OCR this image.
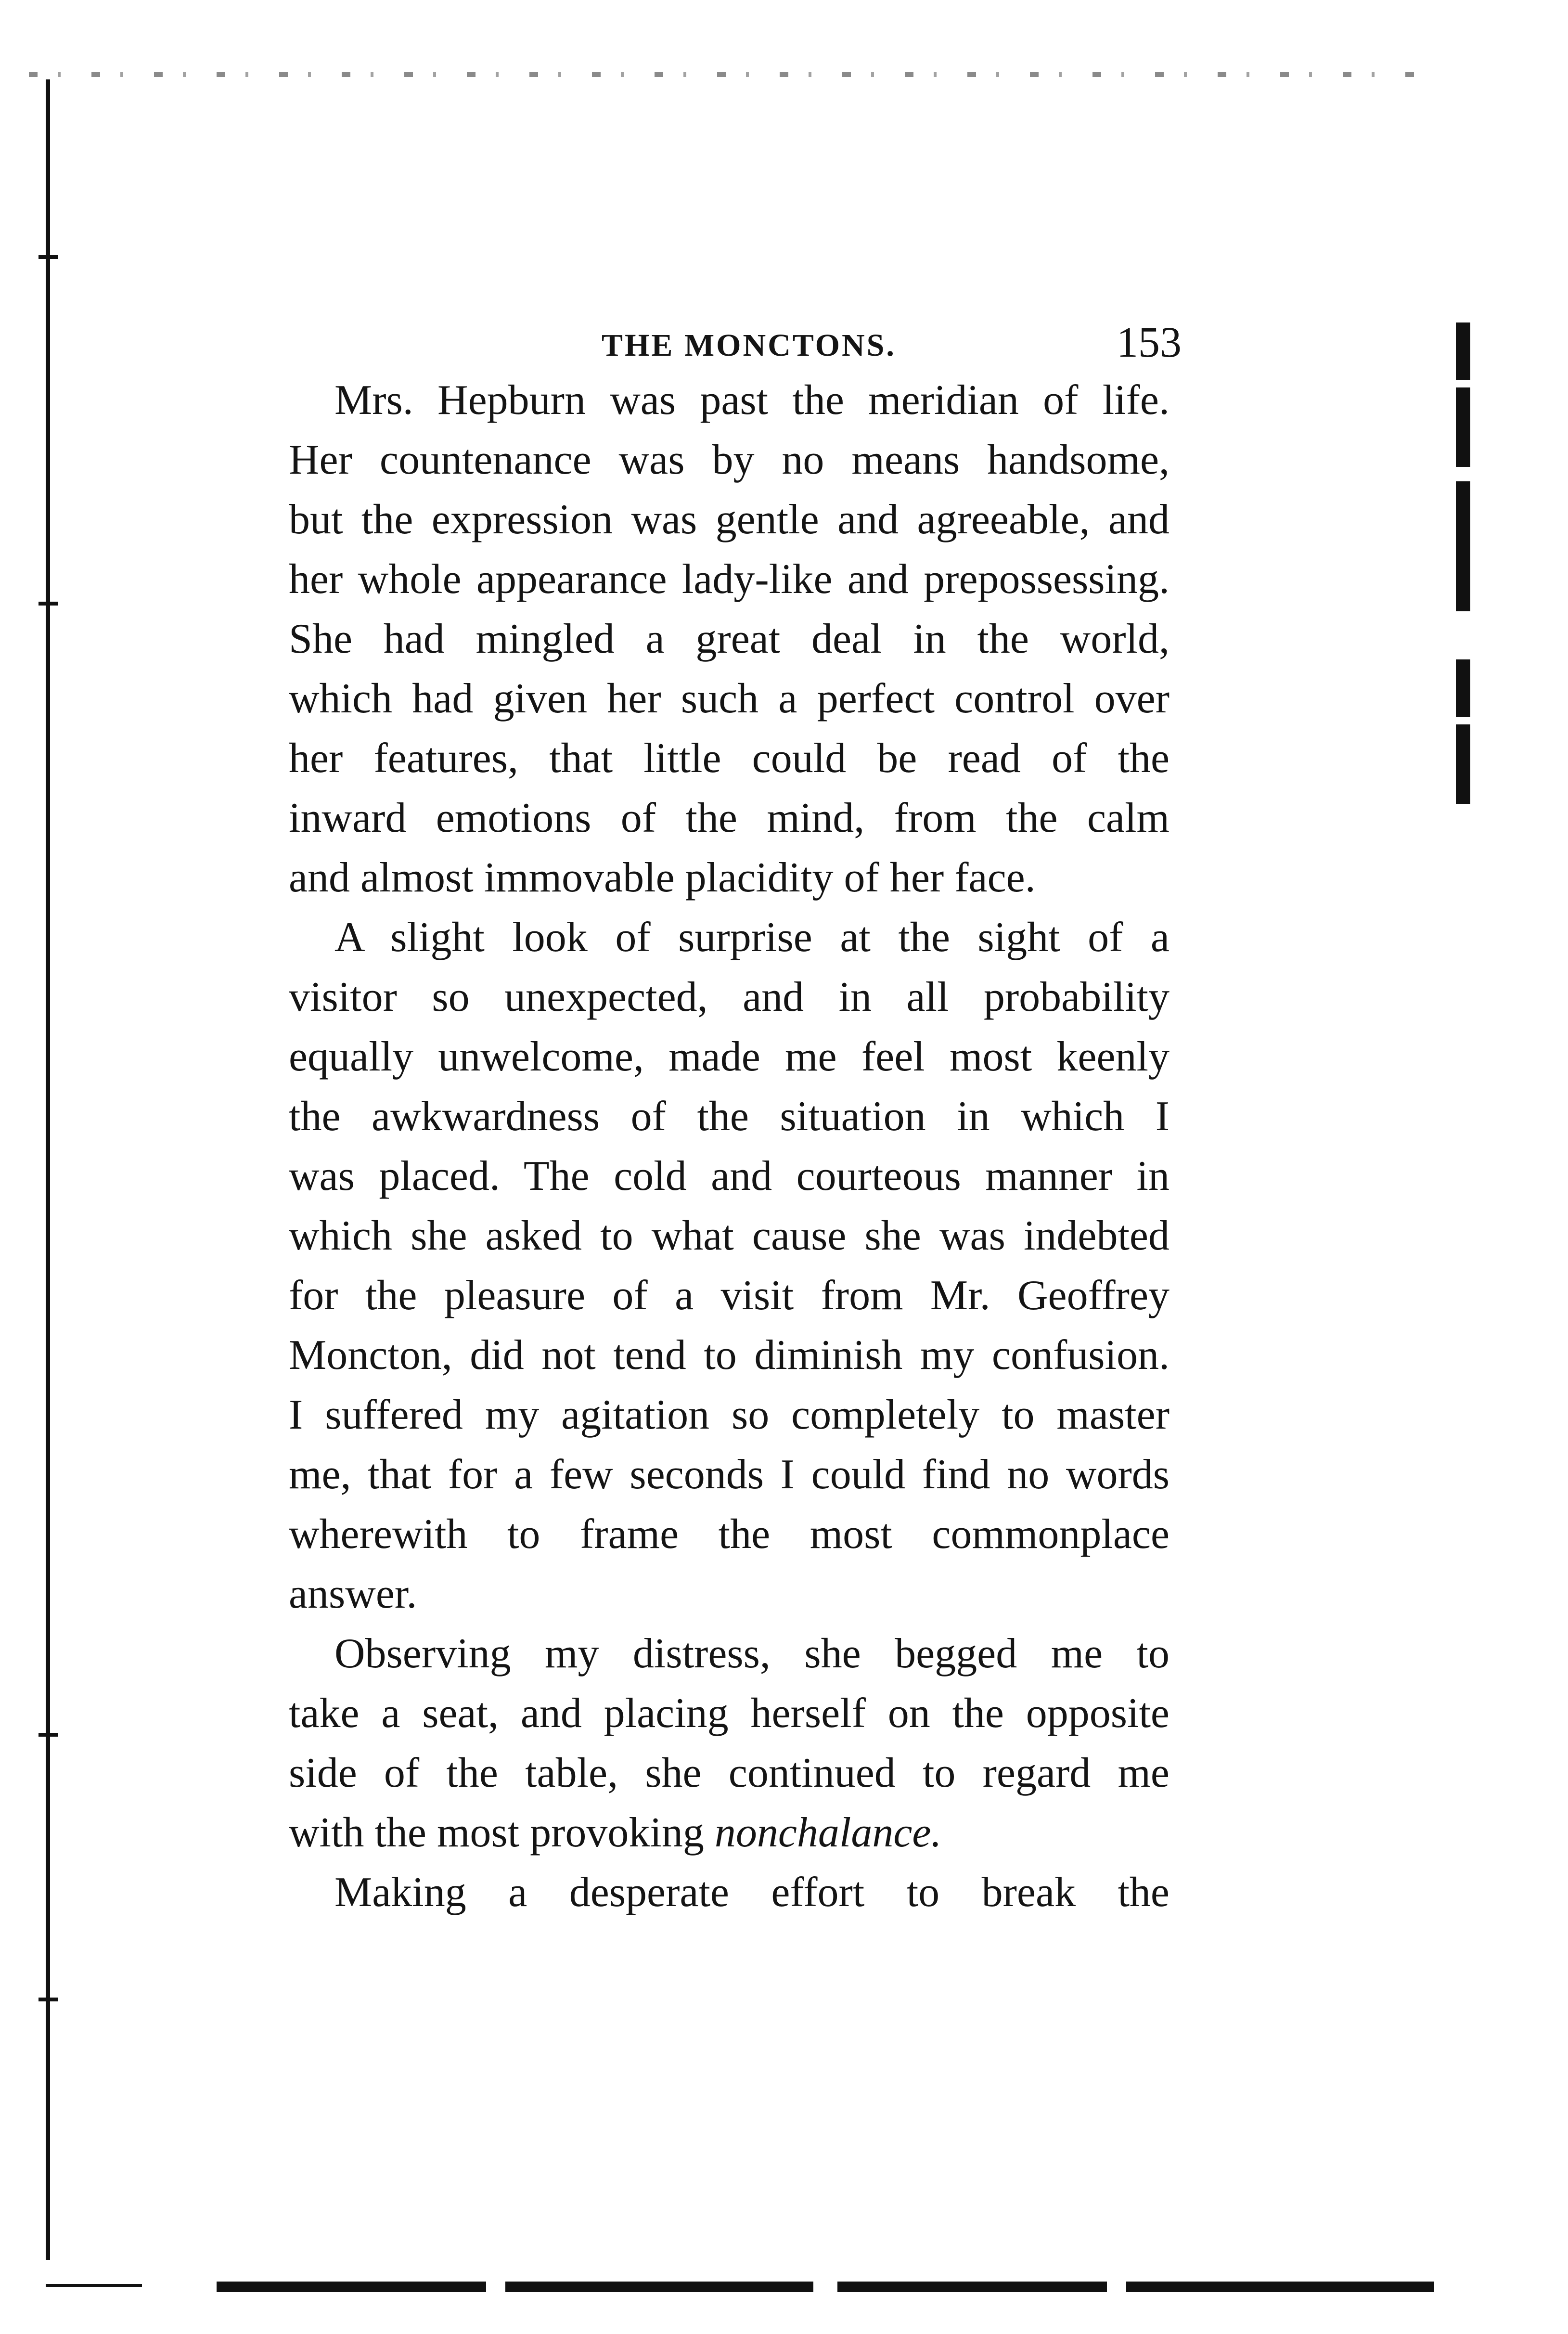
THE MONCTONS.	153
Mrs. Hepburn was past the meridian of life.
Her countenance was by no means handsome,
but the expression was gentle and agreeable, and
her whole appearance lady-like and prepossessing.
She had mingled a great deal in the world,
which had given her such a perfect control over
her features, that little could be read of the
inward emotions of the mind, from the calm
and almost immovable placidity of her face.
A slight look of surprise at the sight of a
visitor so unexpected, and in all probability
equally unwelcome, made me feel most keenly
the awkwardness of the situation in which I
was placed. The cold and courteous manner in
which she asked to what cause she was indebted
for the pleasure of a visit from Mr. Geoffrey
Moncton, did not tend to diminish my confusion.
I suffered my agitation so completely to master
me, that for a few seconds I could find no words
wherewith to frame the most commonplace
answer.
Observing my distress, she begged me to
take a seat, and placing herself on the opposite
side of the table, she continued to regard me
with the most provoking nonchalance.
Making a desperate effort to break the
